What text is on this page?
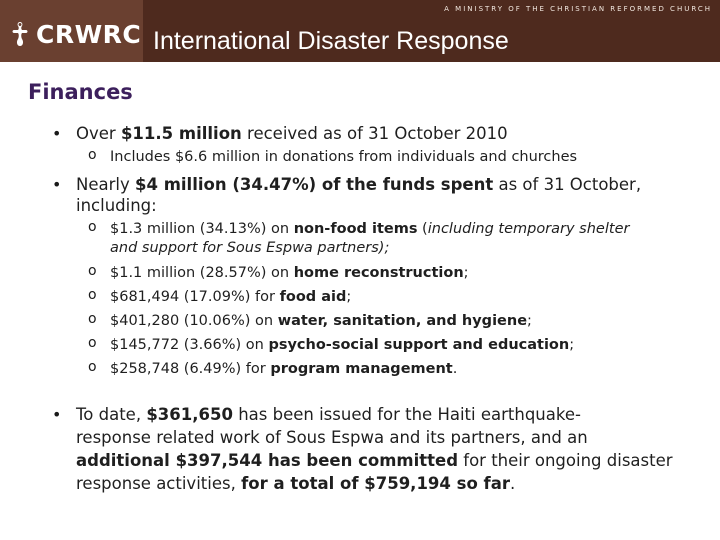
CRWRC
A MINISTRY OF THE CHRISTIAN REFORMED CHURCH
International Disaster Response
Finances
• Over $11.5 million received as of 31 October 2010
o Includes $6.6 million in donations from individuals and churches
• Nearly $4 million (34.47%) of the funds spent as of 31 October,
including:
o $1.3 million (34.13%) on non-food items (including temporary shelter
and support for Sous Espwa partners);
o $1.1 million (28.57%) on home reconstruction;
o $681,494 (17.09%) for food aid;
o $401,280 (10.06%) on water, sanitation, and hygiene;
o $145,772 (3.66%) on psycho-social support and education;
o $258,748 (6.49%) for program management.
• To date, $361,650 has been issued for the Haiti earthquake-
response related work of Sous Espwa and its partners, and an
additional $397,544 has been committed for their ongoing disaster
response activities, for a total of $759,194 so far.
